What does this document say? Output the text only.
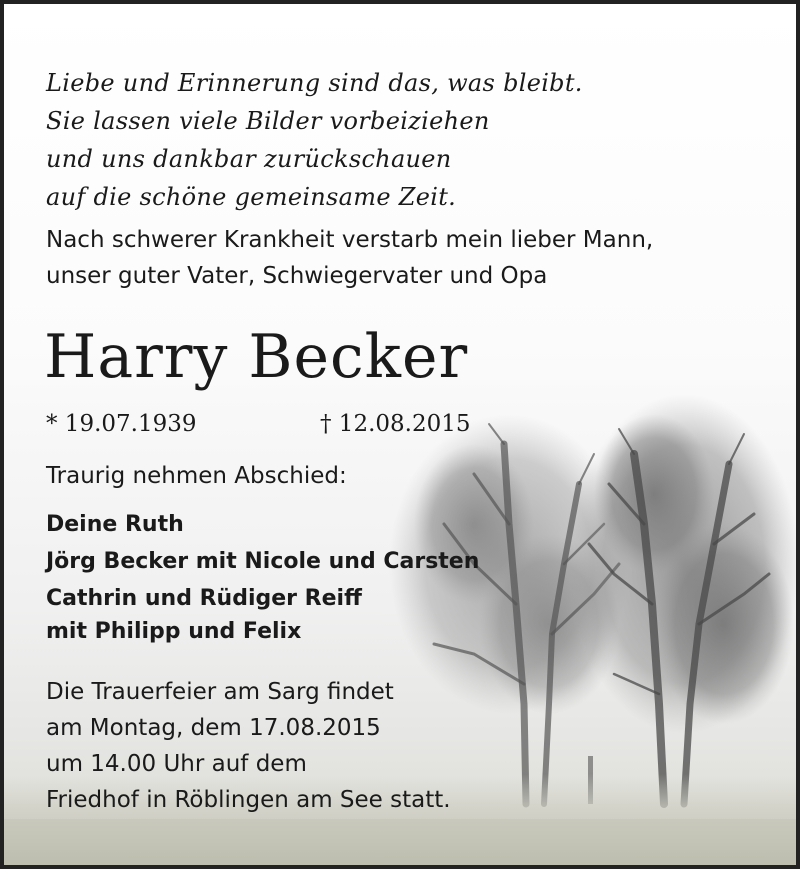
Liebe und Erinnerung sind das, was bleibt.
Sie lassen viele Bilder vorbeiziehen
und uns dankbar zurückschauen
auf die schöne gemeinsame Zeit.
Nach schwerer Krankheit verstarb mein lieber Mann,
unser guter Vater, Schwiegervater und Opa
Harry Becker
* 19.07.1939	† 12.08.2015
Traurig nehmen Abschied:
Deine Ruth
Jörg Becker mit Nicole und Carsten
Cathrin und Rüdiger Reiff
mit Philipp und Felix
Die Trauerfeier am Sarg findet
am Montag, dem 17.08.2015
um 14.00 Uhr auf dem
Friedhof in Röblingen am See statt.
